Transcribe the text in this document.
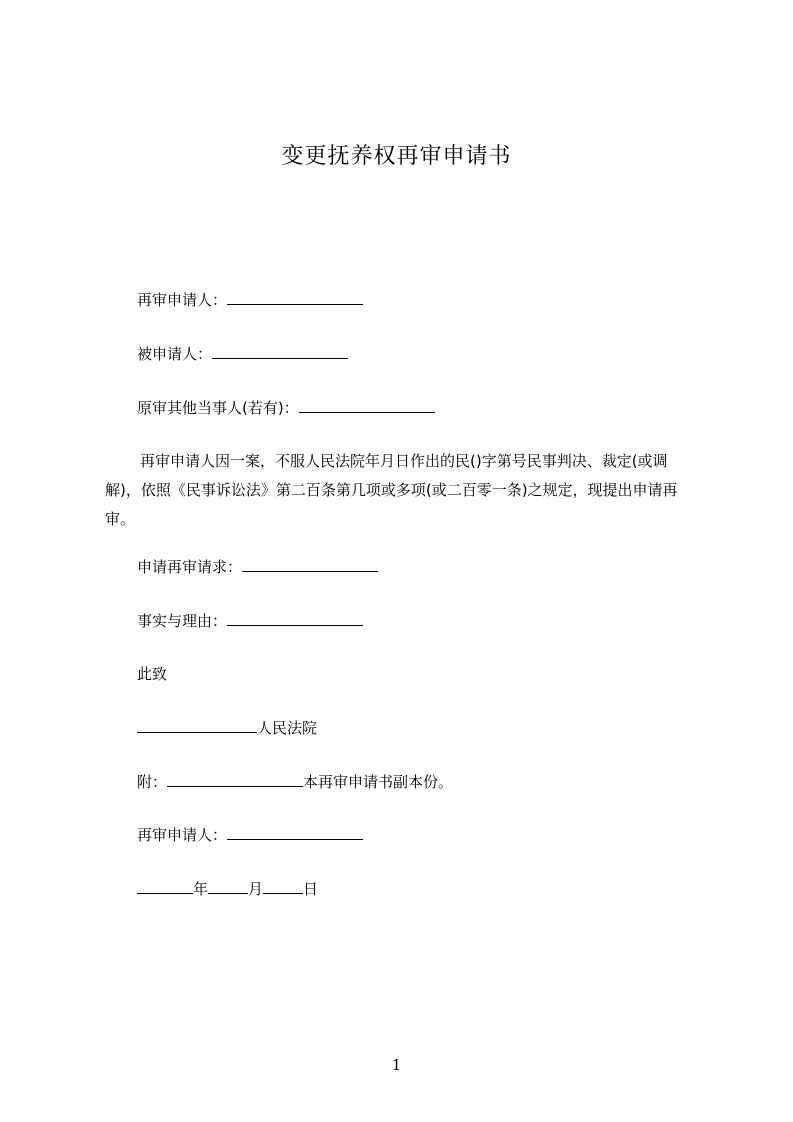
变更抚养权再审申请书
再审申请人：
被申请人：
原审其他当事人(若有)：
再审申请人因一案，不服人民法院年月日作出的民()字第号民事判决、裁定(或调解)，依照《民事诉讼法》第二百条第几项或多项(或二百零一条)之规定，现提出申请再审。
申请再审请求：
事实与理由：
此致
人民法院
附：	本再审申请书副本份。
再审申请人：
年	月	日
1
